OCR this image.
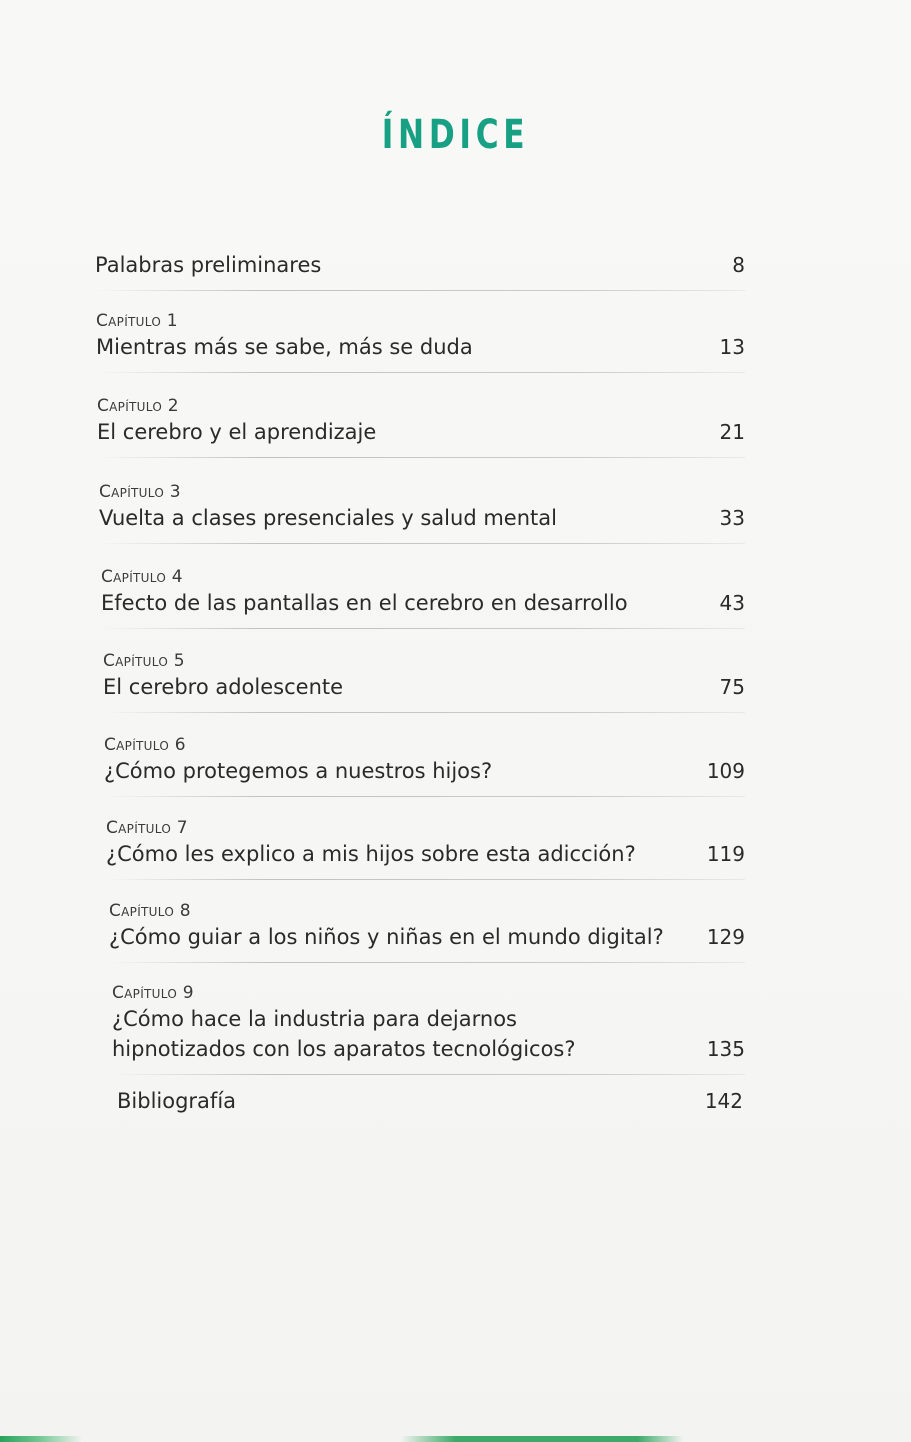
ÍNDICE
Palabras preliminares	8
Capítulo 1
Mientras más se sabe, más se duda	13
Capítulo 2
El cerebro y el aprendizaje	21
Capítulo 3
Vuelta a clases presenciales y salud mental	33
Capítulo 4
Efecto de las pantallas en el cerebro en desarrollo	43
Capítulo 5
El cerebro adolescente	75
Capítulo 6
¿Cómo protegemos a nuestros hijos?	109
Capítulo 7
¿Cómo les explico a mis hijos sobre esta adicción?	119
Capítulo 8
¿Cómo guiar a los niños y niñas en el mundo digital? 129
Capítulo 9
¿Cómo hace la industria para dejarnos
hipnotizados con los aparatos tecnológicos?	135
Bibliografía	142
